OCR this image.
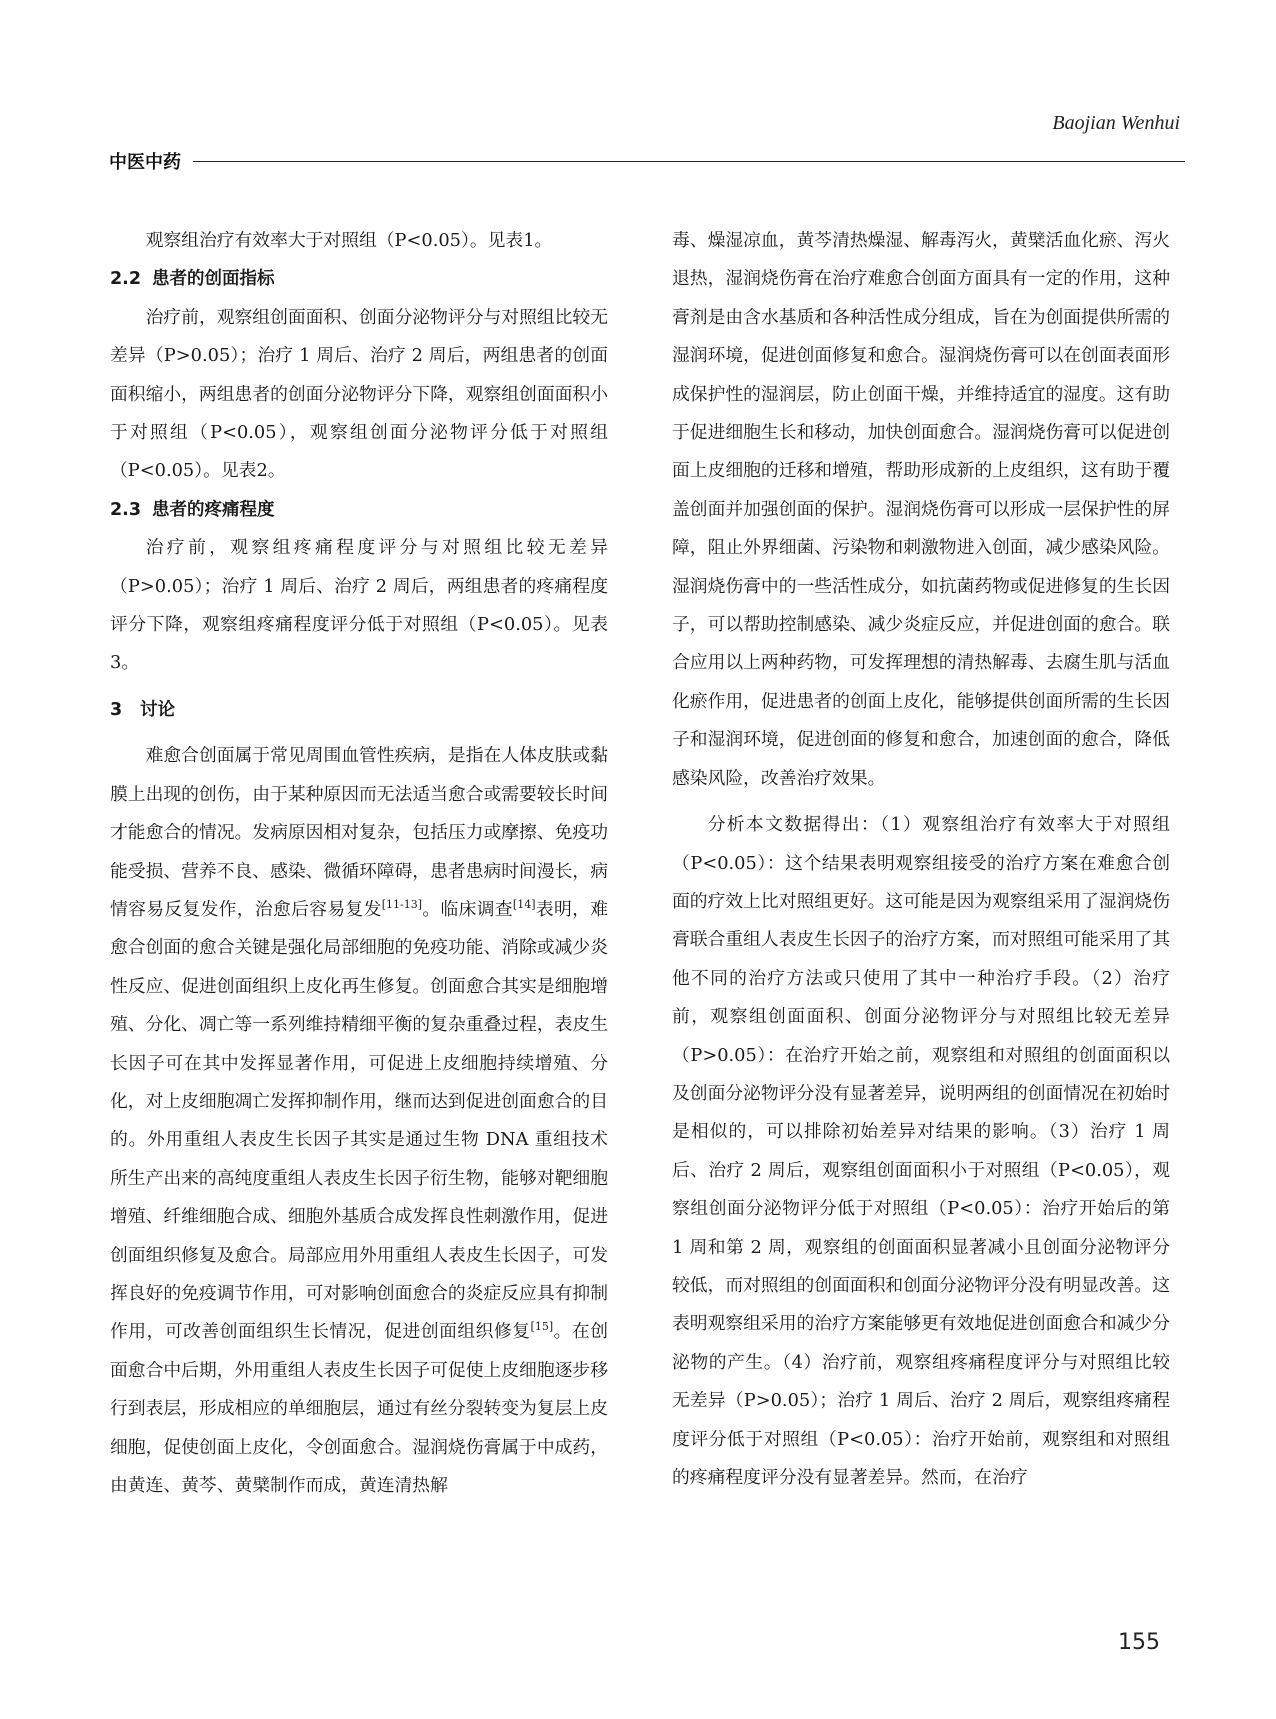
Baojian Wenhui
中医中药

观察组治疗有效率大于对照组（P<0.05）。见表1。

2.2 患者的创面指标

治疗前，观察组创面面积、创面分泌物评分与对照组比较无差异（P>0.05）；治疗 1 周后、治疗 2 周后，两组患者的创面面积缩小，两组患者的创面分泌物评分下降，观察组创面面积小于对照组（P<0.05），观察组创面分泌物评分低于对照组（P<0.05）。见表2。

2.3 患者的疼痛程度

治疗前，观察组疼痛程度评分与对照组比较无差异（P>0.05）；治疗 1 周后、治疗 2 周后，两组患者的疼痛程度评分下降，观察组疼痛程度评分低于对照组（P<0.05）。见表 3。

3 讨论

难愈合创面属于常见周围血管性疾病，是指在人体皮肤或黏膜上出现的创伤，由于某种原因而无法适当愈合或需要较长时间才能愈合的情况。发病原因相对复杂，包括压力或摩擦、免疫功能受损、营养不良、感染、微循环障碍，患者患病时间漫长，病情容易反复发作，治愈后容易复发[11-13]。临床调查[14]表明，难愈合创面的愈合关键是强化局部细胞的免疫功能、消除或减少炎性反应、促进创面组织上皮化再生修复。创面愈合其实是细胞增殖、分化、凋亡等一系列维持精细平衡的复杂重叠过程，表皮生长因子可在其中发挥显著作用，可促进上皮细胞持续增殖、分化，对上皮细胞凋亡发挥抑制作用，继而达到促进创面愈合的目的。外用重组人表皮生长因子其实是通过生物 DNA 重组技术所生产出来的高纯度重组人表皮生长因子衍生物，能够对靶细胞增殖、纤维细胞合成、细胞外基质合成发挥良性刺激作用，促进创面组织修复及愈合。局部应用外用重组人表皮生长因子，可发挥良好的免疫调节作用，可对影响创面愈合的炎症反应具有抑制作用，可改善创面组织生长情况，促进创面组织修复[15]。在创面愈合中后期，外用重组人表皮生长因子可促使上皮细胞逐步移行到表层，形成相应的单细胞层，通过有丝分裂转变为复层上皮细胞，促使创面上皮化，令创面愈合。湿润烧伤膏属于中成药，由黄连、黄芩、黄檗制作而成，黄连清热解

毒、燥湿凉血，黄芩清热燥湿、解毒泻火，黄檗活血化瘀、泻火退热，湿润烧伤膏在治疗难愈合创面方面具有一定的作用，这种膏剂是由含水基质和各种活性成分组成，旨在为创面提供所需的湿润环境，促进创面修复和愈合。湿润烧伤膏可以在创面表面形成保护性的湿润层，防止创面干燥，并维持适宜的湿度。这有助于促进细胞生长和移动，加快创面愈合。湿润烧伤膏可以促进创面上皮细胞的迁移和增殖，帮助形成新的上皮组织，这有助于覆盖创面并加强创面的保护。湿润烧伤膏可以形成一层保护性的屏障，阻止外界细菌、污染物和刺激物进入创面，减少感染风险。湿润烧伤膏中的一些活性成分，如抗菌药物或促进修复的生长因子，可以帮助控制感染、减少炎症反应，并促进创面的愈合。联合应用以上两种药物，可发挥理想的清热解毒、去腐生肌与活血化瘀作用，促进患者的创面上皮化，能够提供创面所需的生长因子和湿润环境，促进创面的修复和愈合，加速创面的愈合，降低感染风险，改善治疗效果。

分析本文数据得出：（1）观察组治疗有效率大于对照组（P<0.05）：这个结果表明观察组接受的治疗方案在难愈合创面的疗效上比对照组更好。这可能是因为观察组采用了湿润烧伤膏联合重组人表皮生长因子的治疗方案，而对照组可能采用了其他不同的治疗方法或只使用了其中一种治疗手段。（2）治疗前，观察组创面面积、创面分泌物评分与对照组比较无差异（P>0.05）：在治疗开始之前，观察组和对照组的创面面积以及创面分泌物评分没有显著差异，说明两组的创面情况在初始时是相似的，可以排除初始差异对结果的影响。（3）治疗 1 周后、治疗 2 周后，观察组创面面积小于对照组（P<0.05），观察组创面分泌物评分低于对照组（P<0.05）：治疗开始后的第 1 周和第 2 周，观察组的创面面积显著减小且创面分泌物评分较低，而对照组的创面面积和创面分泌物评分没有明显改善。这表明观察组采用的治疗方案能够更有效地促进创面愈合和减少分泌物的产生。（4）治疗前，观察组疼痛程度评分与对照组比较无差异（P>0.05）；治疗 1 周后、治疗 2 周后，观察组疼痛程度评分低于对照组（P<0.05）：治疗开始前，观察组和对照组的疼痛程度评分没有显著差异。然而，在治疗

155
